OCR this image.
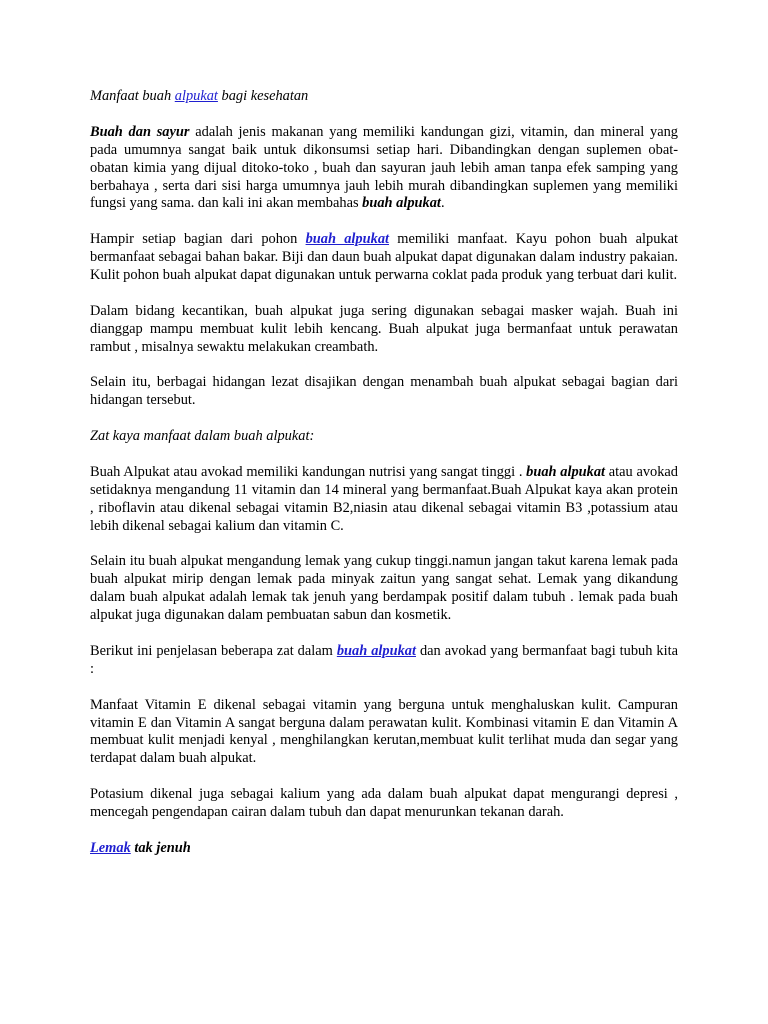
Manfaat buah alpukat bagi kesehatan

Buah dan sayur adalah jenis makanan yang memiliki kandungan gizi, vitamin, dan mineral yang pada umumnya sangat baik untuk dikonsumsi setiap hari. Dibandingkan dengan suplemen obat-obatan kimia yang dijual ditoko-toko , buah dan sayuran jauh lebih aman tanpa efek samping yang berbahaya , serta dari sisi harga umumnya jauh lebih murah dibandingkan suplemen yang memiliki fungsi yang sama. dan kali ini akan membahas buah alpukat.

Hampir setiap bagian dari pohon buah alpukat memiliki manfaat. Kayu pohon buah alpukat bermanfaat sebagai bahan bakar. Biji dan daun buah alpukat dapat digunakan dalam industry pakaian. Kulit pohon buah alpukat dapat digunakan untuk perwarna coklat pada produk yang terbuat dari kulit.

Dalam bidang kecantikan, buah alpukat juga sering digunakan sebagai masker wajah. Buah ini dianggap mampu membuat kulit lebih kencang. Buah alpukat juga bermanfaat untuk perawatan rambut , misalnya sewaktu melakukan creambath.

Selain itu, berbagai hidangan lezat disajikan dengan menambah buah alpukat sebagai bagian dari hidangan tersebut.

Zat kaya manfaat dalam buah alpukat:

Buah Alpukat atau avokad memiliki kandungan nutrisi yang sangat tinggi . buah alpukat atau avokad setidaknya mengandung 11 vitamin dan 14 mineral yang bermanfaat.Buah Alpukat kaya akan protein , riboflavin atau dikenal sebagai vitamin B2,niasin atau dikenal sebagai vitamin B3 ,potassium atau lebih dikenal sebagai kalium dan vitamin C.

Selain itu buah alpukat mengandung lemak yang cukup tinggi.namun jangan takut karena lemak pada buah alpukat mirip dengan lemak pada minyak zaitun yang sangat sehat. Lemak yang dikandung dalam buah alpukat adalah lemak tak jenuh yang berdampak positif dalam tubuh . lemak pada buah alpukat juga digunakan dalam pembuatan sabun dan kosmetik.

Berikut ini penjelasan beberapa zat dalam buah alpukat dan avokad yang bermanfaat bagi tubuh kita :

Manfaat Vitamin E dikenal sebagai vitamin yang berguna untuk menghaluskan kulit. Campuran vitamin E dan Vitamin A sangat berguna dalam perawatan kulit. Kombinasi vitamin E dan Vitamin A membuat kulit menjadi kenyal , menghilangkan kerutan,membuat kulit terlihat muda dan segar yang terdapat dalam buah alpukat.

Potasium dikenal juga sebagai kalium yang ada dalam buah alpukat dapat mengurangi depresi , mencegah pengendapan cairan dalam tubuh dan dapat menurunkan tekanan darah.

Lemak tak jenuh
